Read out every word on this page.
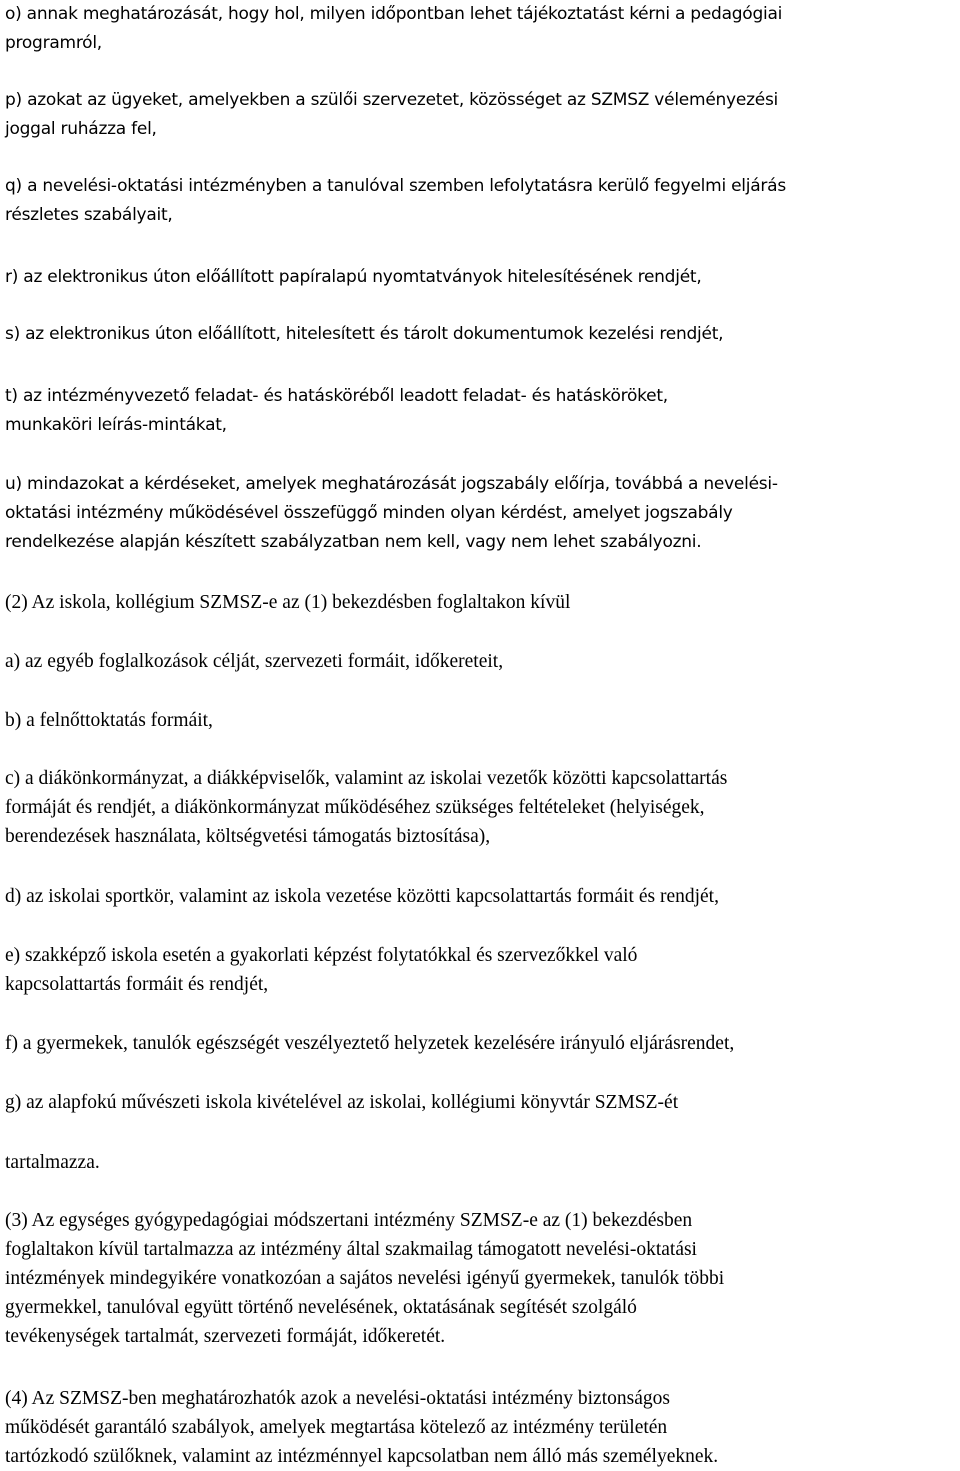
o) annak meghatározását, hogy hol, milyen időpontban lehet tájékoztatást kérni a pedagógiai
programról,

p) azokat az ügyeket, amelyekben a szülői szervezetet, közösséget az SZMSZ véleményezési
joggal ruházza fel,

q) a nevelési-oktatási intézményben a tanulóval szemben lefolytatásra kerülő fegyelmi eljárás
részletes szabályait,

r) az elektronikus úton előállított papíralapú nyomtatványok hitelesítésének rendjét,

s) az elektronikus úton előállított, hitelesített és tárolt dokumentumok kezelési rendjét,

t) az intézményvezető feladat- és hatásköréből leadott feladat- és hatásköröket,
munkaköri leírás-mintákat,

u) mindazokat a kérdéseket, amelyek meghatározását jogszabály előírja, továbbá a nevelési-
oktatási intézmény működésével összefüggő minden olyan kérdést, amelyet jogszabály
rendelkezése alapján készített szabályzatban nem kell, vagy nem lehet szabályozni.

(2) Az iskola, kollégium SZMSZ-e az (1) bekezdésben foglaltakon kívül

a) az egyéb foglalkozások célját, szervezeti formáit, időkereteit,

b) a felnőttoktatás formáit,

c) a diákönkormányzat, a diákképviselők, valamint az iskolai vezetők közötti kapcsolattartás
formáját és rendjét, a diákönkormányzat működéséhez szükséges feltételeket (helyiségek,
berendezések használata, költségvetési támogatás biztosítása),

d) az iskolai sportkör, valamint az iskola vezetése közötti kapcsolattartás formáit és rendjét,

e) szakképző iskola esetén a gyakorlati képzést folytatókkal és szervezőkkel való
kapcsolattartás formáit és rendjét,

f) a gyermekek, tanulók egészségét veszélyeztető helyzetek kezelésére irányuló eljárásrendet,

g) az alapfokú művészeti iskola kivételével az iskolai, kollégiumi könyvtár SZMSZ-ét

tartalmazza.

(3) Az egységes gyógypedagógiai módszertani intézmény SZMSZ-e az (1) bekezdésben
foglaltakon kívül tartalmazza az intézmény által szakmailag támogatott nevelési-oktatási
intézmények mindegyikére vonatkozóan a sajátos nevelési igényű gyermekek, tanulók többi
gyermekkel, tanulóval együtt történő nevelésének, oktatásának segítését szolgáló
tevékenységek tartalmát, szervezeti formáját, időkeretét.

(4) Az SZMSZ-ben meghatározhatók azok a nevelési-oktatási intézmény biztonságos
működését garantáló szabályok, amelyek megtartása kötelező az intézmény területén
tartózkodó szülőknek, valamint az intézménnyel kapcsolatban nem álló más személyeknek.
